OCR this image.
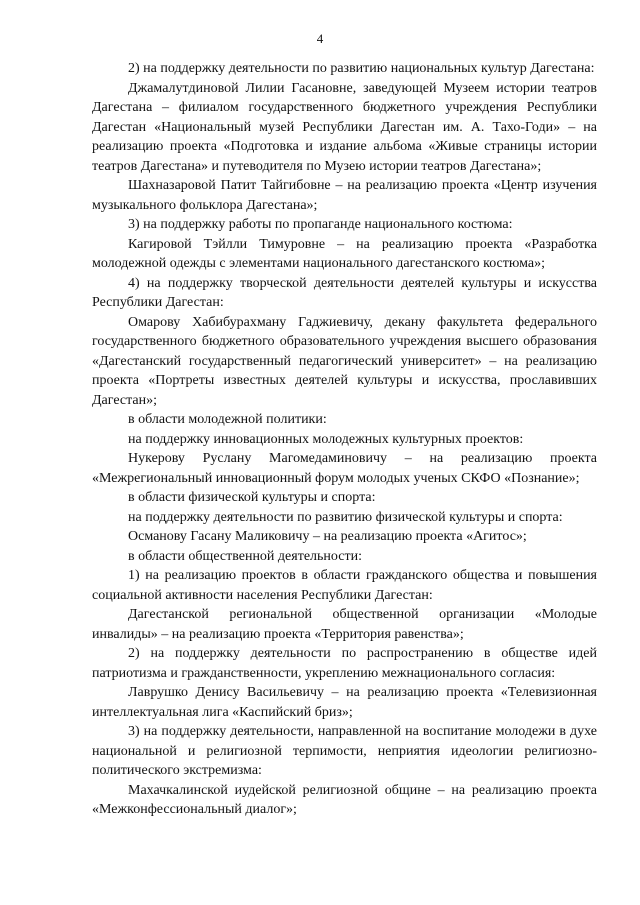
4

2) на поддержку деятельности по развитию национальных культур Дагестана:

Джамалутдиновой Лилии Гасановне, заведующей Музеем истории театров Дагестана – филиалом государственного бюджетного учреждения Республики Дагестан «Национальный музей Республики Дагестан им. А. Тахо-Годи» – на реализацию проекта «Подготовка и издание альбома «Живые страницы истории театров Дагестана» и путеводителя по Музею истории театров Дагестана»;

Шахназаровой Патит Тайгибовне – на реализацию проекта «Центр изучения музыкального фольклора Дагестана»;

3) на поддержку работы по пропаганде национального костюма:

Кагировой Тэйлли Тимуровне – на реализацию проекта «Разработка молодежной одежды с элементами национального дагестанского костюма»;

4) на поддержку творческой деятельности деятелей культуры и искусства Республики Дагестан:

Омарову Хабибурахману Гаджиевичу, декану факультета федерального государственного бюджетного образовательного учреждения высшего образования «Дагестанский государственный педагогический университет» – на реализацию проекта «Портреты известных деятелей культуры и искусства, прославивших Дагестан»;

в области молодежной политики:

на поддержку инновационных молодежных культурных проектов:

Нукерову Руслану Магомедаминовичу – на реализацию проекта «Межрегиональный инновационный форум молодых ученых СКФО «Познание»;

в области физической культуры и спорта:

на поддержку деятельности по развитию физической культуры и спорта:

Османову Гасану Маликовичу – на реализацию проекта «Агитос»;

в области общественной деятельности:

1) на реализацию проектов в области гражданского общества и повышения социальной активности населения Республики Дагестан:

Дагестанской региональной общественной организации «Молодые инвалиды» – на реализацию проекта «Территория равенства»;

2) на поддержку деятельности по распространению в обществе идей патриотизма и гражданственности, укреплению межнационального согласия:

Лаврушко Денису Васильевичу – на реализацию проекта «Телевизионная интеллектуальная лига «Каспийский бриз»;

3) на поддержку деятельности, направленной на воспитание молодежи в духе национальной и религиозной терпимости, неприятия идеологии религиозно-политического экстремизма:

Махачкалинской иудейской религиозной общине – на реализацию проекта «Межконфессиональный диалог»;
